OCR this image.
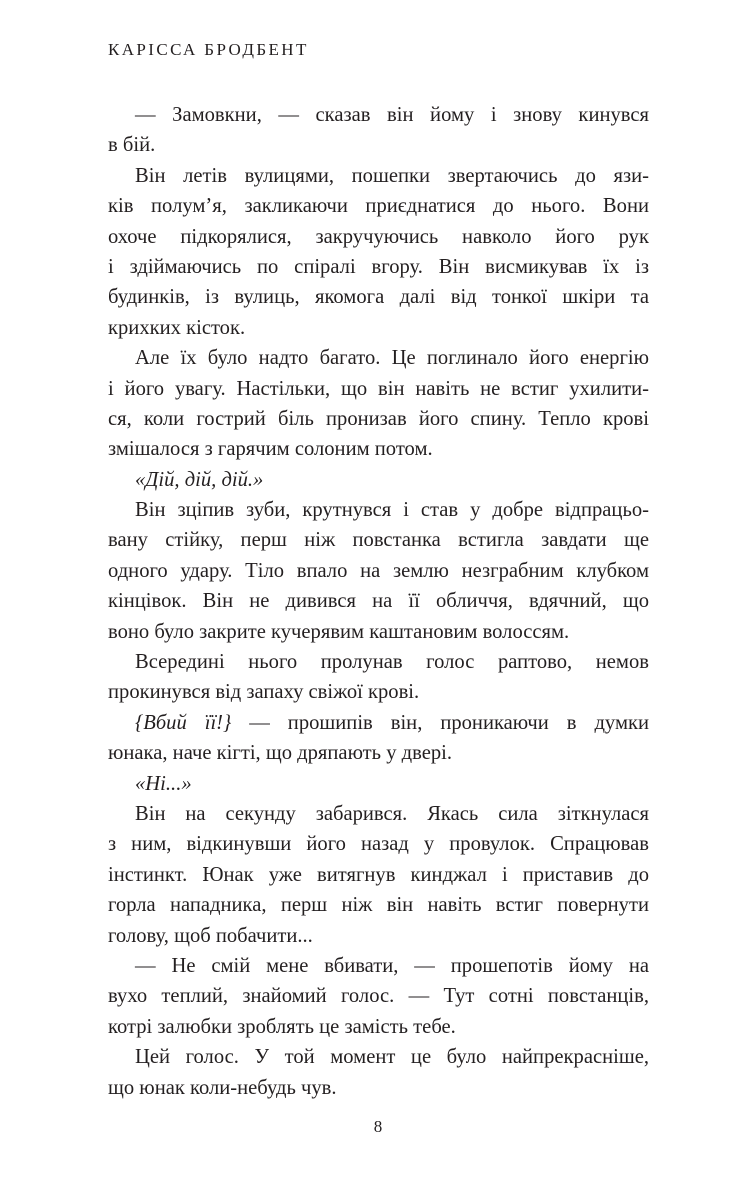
КАРІССА БРОДБЕНТ
— Замовкни, — сказав він йому і знову кинувся
в бій.
Він летів вулицями, пошепки звертаючись до язи-
ків полум’я, закликаючи приєднатися до нього. Вони
охоче підкорялися, закручуючись навколо його рук
і здіймаючись по спіралі вгору. Він висмикував їх із
будинків, із вулиць, якомога далі від тонкої шкіри та
крихких кісток.
Але їх було надто багато. Це поглинало його енергію
і його увагу. Настільки, що він навіть не встиг ухилити-
ся, коли гострий біль пронизав його спину. Тепло крові
змішалося з гарячим солоним потом.
«Дій, дій, дій.»
Він зціпив зуби, крутнувся і став у добре відпрацьо-
вану стійку, перш ніж повстанка встигла завдати ще
одного удару. Тіло впало на землю незграбним клубком
кінцівок. Він не дивився на її обличчя, вдячний, що
воно було закрите кучерявим каштановим волоссям.
Всередині нього пролунав голос раптово, немов
прокинувся від запаху свіжої крові.
{Вбий її!} — прошипів він, проникаючи в думки
юнака, наче кігті, що дряпають у двері.
«Ні...»
Він на секунду забарився. Якась сила зіткнулася
з ним, відкинувши його назад у провулок. Спрацював
інстинкт. Юнак уже витягнув кинджал і приставив до
горла нападника, перш ніж він навіть встиг повернути
голову, щоб побачити...
— Не смій мене вбивати, — прошепотів йому на
вухо теплий, знайомий голос. — Тут сотні повстанців,
котрі залюбки зроблять це замість тебе.
Цей голос. У той момент це було найпрекрасніше,
що юнак коли-небудь чув.
8
